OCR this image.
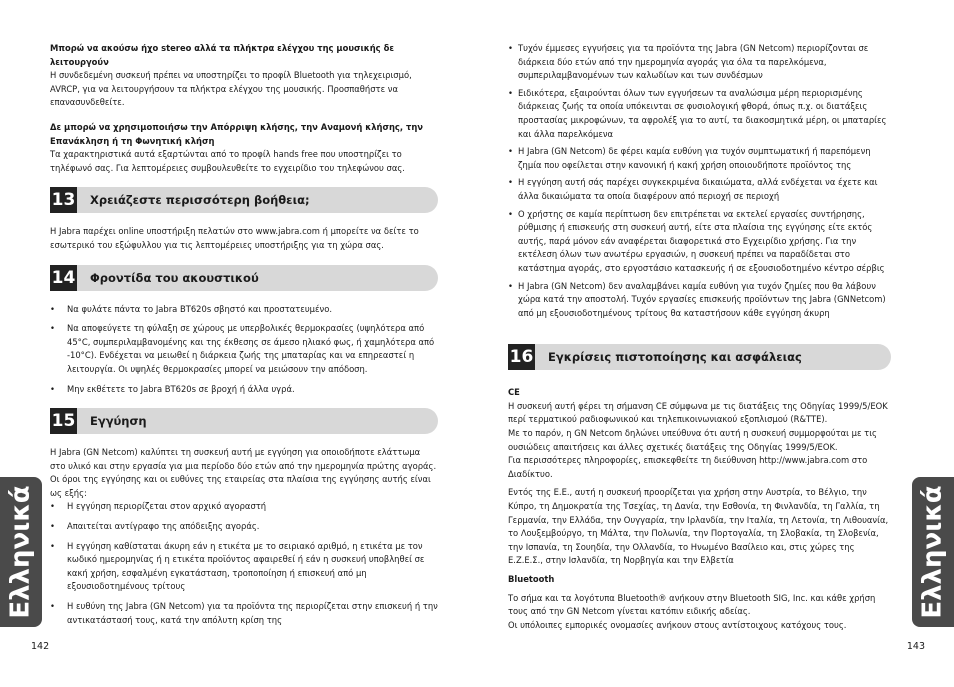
Μπορώ να ακούσω ήχο stereo αλλά τα πλήκτρα ελέγχου της μουσικής δε λειτουργούν

Η συνδεδεμένη συσκευή πρέπει να υποστηρίζει το προφίλ Bluetooth για τηλεχειρισμό, AVRCP, για να λειτουργήσουν τα πλήκτρα ελέγχου της μουσικής. Προσπαθήστε να επανασυνδεθείτε.

Δε μπορώ να χρησιμοποιήσω την Απόρριψη κλήσης, την Αναμονή κλήσης, την

Επανάκληση ή τη Φωνητική κλήση

Τα χαρακτηριστικά αυτά εξαρτώνται από το προφίλ hands free που υποστηρίζει το τηλέφωνό σας. Για λεπτομέρειες συμβουλευθείτε το εγχειρίδιο του τηλεφώνου σας.

13 Χρειάζεστε περισσότερη βοήθεια;

Η Jabra παρέχει online υποστήριξη πελατών στο www.jabra.com ή μπορείτε να δείτε το εσωτερικό του εξώφυλλου για τις λεπτομέρειες υποστήριξης για τη χώρα σας.

14 Φροντίδα του ακουστικού
• Να φυλάτε πάντα το Jabra BT620s σβηστό και προστατευμένο.
• Να αποφεύγετε τη φύλαξη σε χώρους με υπερβολικές θερμοκρασίες (υψηλότερα από 45°C, συμπεριλαμβανομένης και της έκθεσης σε άμεσο ηλιακό φως, ή χαμηλότερα από -10°C). Ενδέχεται να μειωθεί η διάρκεια ζωής της μπαταρίας και να επηρεαστεί η λειτουργία. Οι υψηλές θερμοκρασίες μπορεί να μειώσουν την απόδοση.
• Μην εκθέτετε το Jabra BT620s σε βροχή ή άλλα υγρά.
15 Εγγύηση

Η Jabra (GN Netcom) καλύπτει τη συσκευή αυτή με εγγύηση για οποιοδήποτε ελάττωμα στο υλικό και στην εργασία για μια περίοδο δύο ετών από την ημερομηνία πρώτης αγοράς. Οι όροι της εγγύησης και οι ευθύνες της εταιρείας στα πλαίσια της εγγύησης αυτής είναι ως εξής:

• Η εγγύηση περιορίζεται στον αρχικό αγοραστή
• Απαιτείται αντίγραφο της απόδειξης αγοράς.
• Η εγγύηση καθίσταται άκυρη εάν η ετικέτα με το σειριακό αριθμό, η ετικέτα με τον κωδικό ημερομηνίας ή η ετικέτα προϊόντος αφαιρεθεί ή εάν η συσκευή υποβληθεί σε κακή χρήση, εσφαλμένη εγκατάσταση, τροποποίηση ή επισκευή από μη εξουσιοδοτημένους τρίτους
• Η ευθύνη της Jabra (GN Netcom) για τα προϊόντα της περιορίζεται στην επισκευή ή την αντικατάστασή τους, κατά την απόλυτη κρίση της
Ελληνικά
142
• Τυχόν έμμεσες εγγυήσεις για τα προϊόντα της Jabra (GN Netcom) περιορίζονται σε διάρκεια δύο ετών από την ημερομηνία αγοράς για όλα τα παρελκόμενα, συμπεριλαμβανομένων των καλωδίων και των συνδέσμων
• Ειδικότερα, εξαιρούνται όλων των εγγυήσεων τα αναλώσιμα μέρη περιορισμένης διάρκειας ζωής τα οποία υπόκεινται σε φυσιολογική φθορά, όπως π.χ. οι διατάξεις προστασίας μικροφώνων, τα αφρολέξ για το αυτί, τα διακοσμητικά μέρη, οι μπαταρίες και άλλα παρελκόμενα
• Η Jabra (GN Netcom) δε φέρει καμία ευθύνη για τυχόν συμπτωματική ή παρεπόμενη ζημία που οφείλεται στην κανονική ή κακή χρήση οποιουδήποτε προϊόντος της
• Η εγγύηση αυτή σάς παρέχει συγκεκριμένα δικαιώματα, αλλά ενδέχεται να έχετε και άλλα δικαιώματα τα οποία διαφέρουν από περιοχή σε περιοχή
• Ο χρήστης σε καμία περίπτωση δεν επιτρέπεται να εκτελεί εργασίες συντήρησης, ρύθμισης ή επισκευής στη συσκευή αυτή, είτε στα πλαίσια της εγγύησης είτε εκτός αυτής, παρά μόνον εάν αναφέρεται διαφορετικά στο Εγχειρίδιο χρήσης. Για την εκτέλεση όλων των ανωτέρω εργασιών, η συσκευή πρέπει να παραδίδεται στο κατάστημα αγοράς, στο εργοστάσιο κατασκευής ή σε εξουσιοδοτημένο κέντρο σέρβις
• Η Jabra (GN Netcom) δεν αναλαμβάνει καμία ευθύνη για τυχόν ζημίες που θα λάβουν χώρα κατά την αποστολή. Τυχόν εργασίες επισκευής προϊόντων της Jabra (GNNetcom) από μη εξουσιοδοτημένους τρίτους θα καταστήσουν κάθε εγγύηση άκυρη
16 Εγκρίσεις πιστοποίησης και ασφάλειας

CE

Η συσκευή αυτή φέρει τη σήμανση CE σύμφωνα με τις διατάξεις της Οδηγίας 1999/5/ΕΟΚ περί τερματικού ραδιοφωνικού και τηλεπικοινωνιακού εξοπλισμού (R&TTE).

Με το παρόν, η GN Netcom δηλώνει υπεύθυνα ότι αυτή η συσκευή συμμορφούται με τις ουσιώδεις απαιτήσεις και άλλες σχετικές διατάξεις της Οδηγίας 1999/5/ΕΟΚ.

Για περισσότερες πληροφορίες, επισκεφθείτε τη διεύθυνση http://www.jabra.com στο Διαδίκτυο.

Εντός της Ε.Ε., αυτή η συσκευή προορίζεται για χρήση στην Αυστρία, το Βέλγιο, την Κύπρο, τη Δημοκρατία της Τσεχίας, τη Δανία, την Εσθονία, τη Φινλανδία, τη Γαλλία, τη Γερμανία, την Ελλάδα, την Ουγγαρία, την Ιρλανδία, την Ιταλία, τη Λετονία, τη Λιθουανία, το Λουξεμβούργο, τη Μάλτα, την Πολωνία, την Πορτογαλία, τη Σλοβακία, τη Σλοβενία, την Ισπανία, τη Σουηδία, την Ολλανδία, το Ηνωμένο Βασίλειο και, στις χώρες της Ε.Ζ.Ε.Σ., στην Ισλανδία, τη Νορβηγία και την Ελβετία

Bluetooth

Το σήμα και τα λογότυπα Bluetooth® ανήκουν στην Bluetooth SIG, Inc. και κάθε χρήση τους από την GN Netcom γίνεται κατόπιν ειδικής αδείας.

Οι υπόλοιπες εμπορικές ονομασίες ανήκουν στους αντίστοιχους κατόχους τους.

Ελληνικά
143
